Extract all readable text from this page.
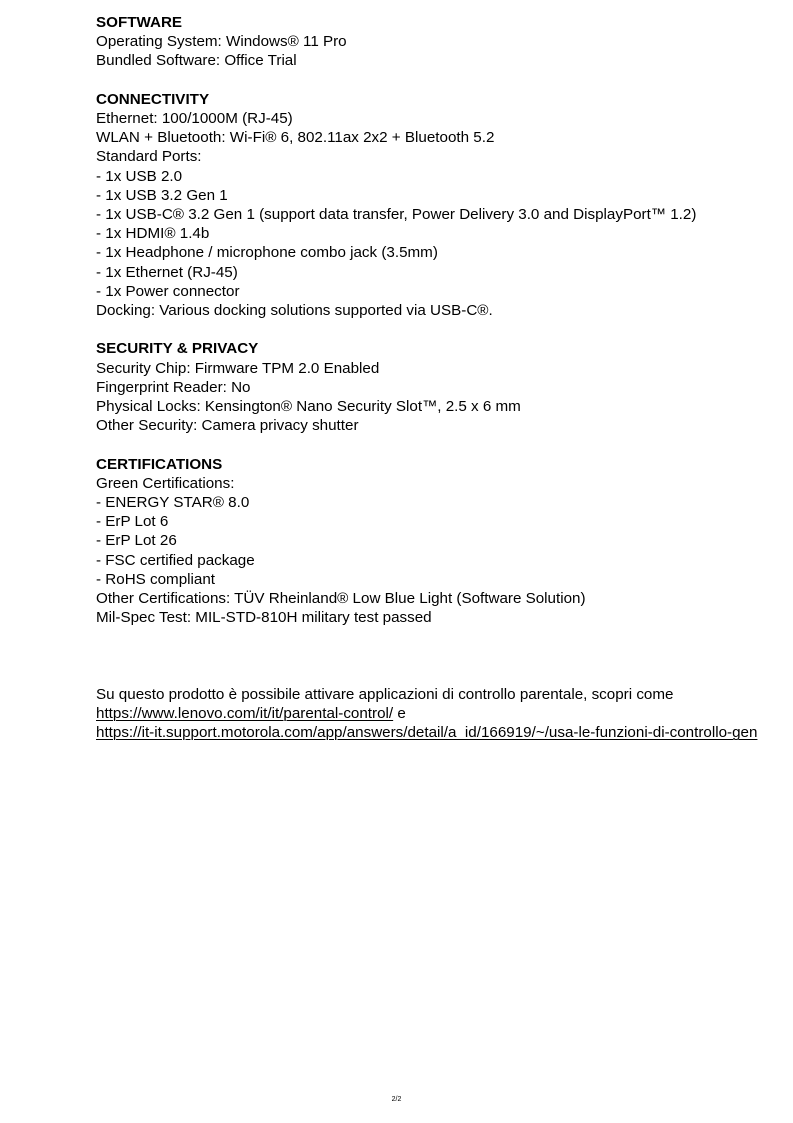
SOFTWARE
Operating System: Windows® 11 Pro
Bundled Software: Office Trial
CONNECTIVITY
Ethernet: 100/1000M (RJ-45)
WLAN + Bluetooth: Wi-Fi® 6, 802.11ax 2x2 + Bluetooth 5.2
Standard Ports:
- 1x USB 2.0
- 1x USB 3.2 Gen 1
- 1x USB-C® 3.2 Gen 1 (support data transfer, Power Delivery 3.0 and DisplayPort™ 1.2)
- 1x HDMI® 1.4b
- 1x Headphone / microphone combo jack (3.5mm)
- 1x Ethernet (RJ-45)
- 1x Power connector
Docking: Various docking solutions supported via USB-C®.
SECURITY & PRIVACY
Security Chip: Firmware TPM 2.0 Enabled
Fingerprint Reader: No
Physical Locks: Kensington® Nano Security Slot™, 2.5 x 6 mm
Other Security: Camera privacy shutter
CERTIFICATIONS
Green Certifications:
- ENERGY STAR® 8.0
- ErP Lot 6
- ErP Lot 26
- FSC certified package
- RoHS compliant
Other Certifications: TÜV Rheinland® Low Blue Light (Software Solution)
Mil-Spec Test: MIL-STD-810H military test passed
Su questo prodotto è possibile attivare applicazioni di controllo parentale, scopri come
https://www.lenovo.com/it/it/parental-control/ e
https://it-it.support.motorola.com/app/answers/detail/a_id/166919/~/usa-le-funzioni-di-controllo-gen
2/2
